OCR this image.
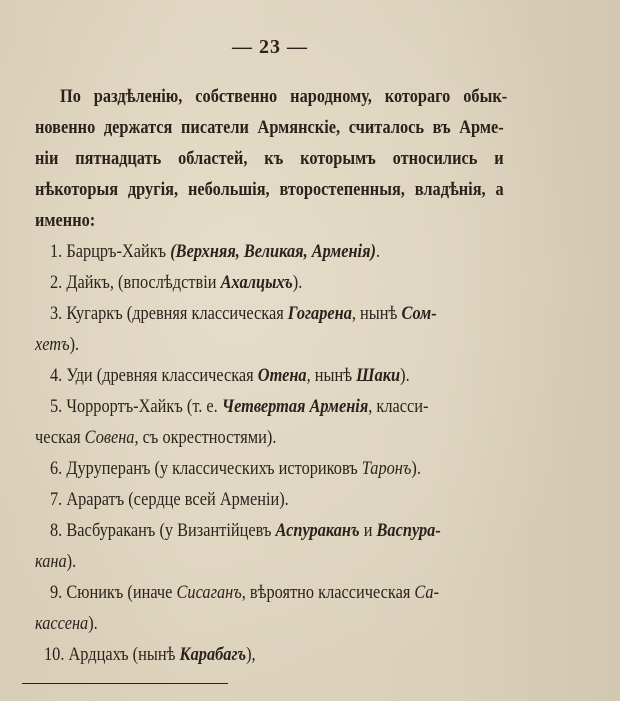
— 23 —
По раздѣленію, собственно народному, котораго обык-
новенно держатся писатели Армянскіе, считалось въ Арме-
ніи пятнадцать областей, къ которымъ относились и
нѣкоторыя другія, небольшія, второстепенныя, владѣнія, а
именно:
1. Барцръ-Хайкъ (Верхняя, Великая, Арменія).
2. Дайкъ, (впослѣдствіи Ахалцыхъ).
3. Кугаркъ (древняя классическая Гогарена, нынѣ Сом-
хетъ).
4. Уди (древняя классическая Отена, нынѣ Шаки).
5. Чоррортъ-Хайкъ (т. е. Четвертая Арменія, класси-
ческая Совена, съ окрестностями).
6. Дуруперанъ (у классическихъ историковъ Таронъ).
7. Араратъ (сердце всей Арменіи).
8. Васбураканъ (у Византійцевъ Аспураканъ и Васпура-
кана).
9. Сюникъ (иначе Сисаганъ, вѣроятно классическая Са-
кассена).
10. Ардцахъ (нынѣ Карабагъ),
